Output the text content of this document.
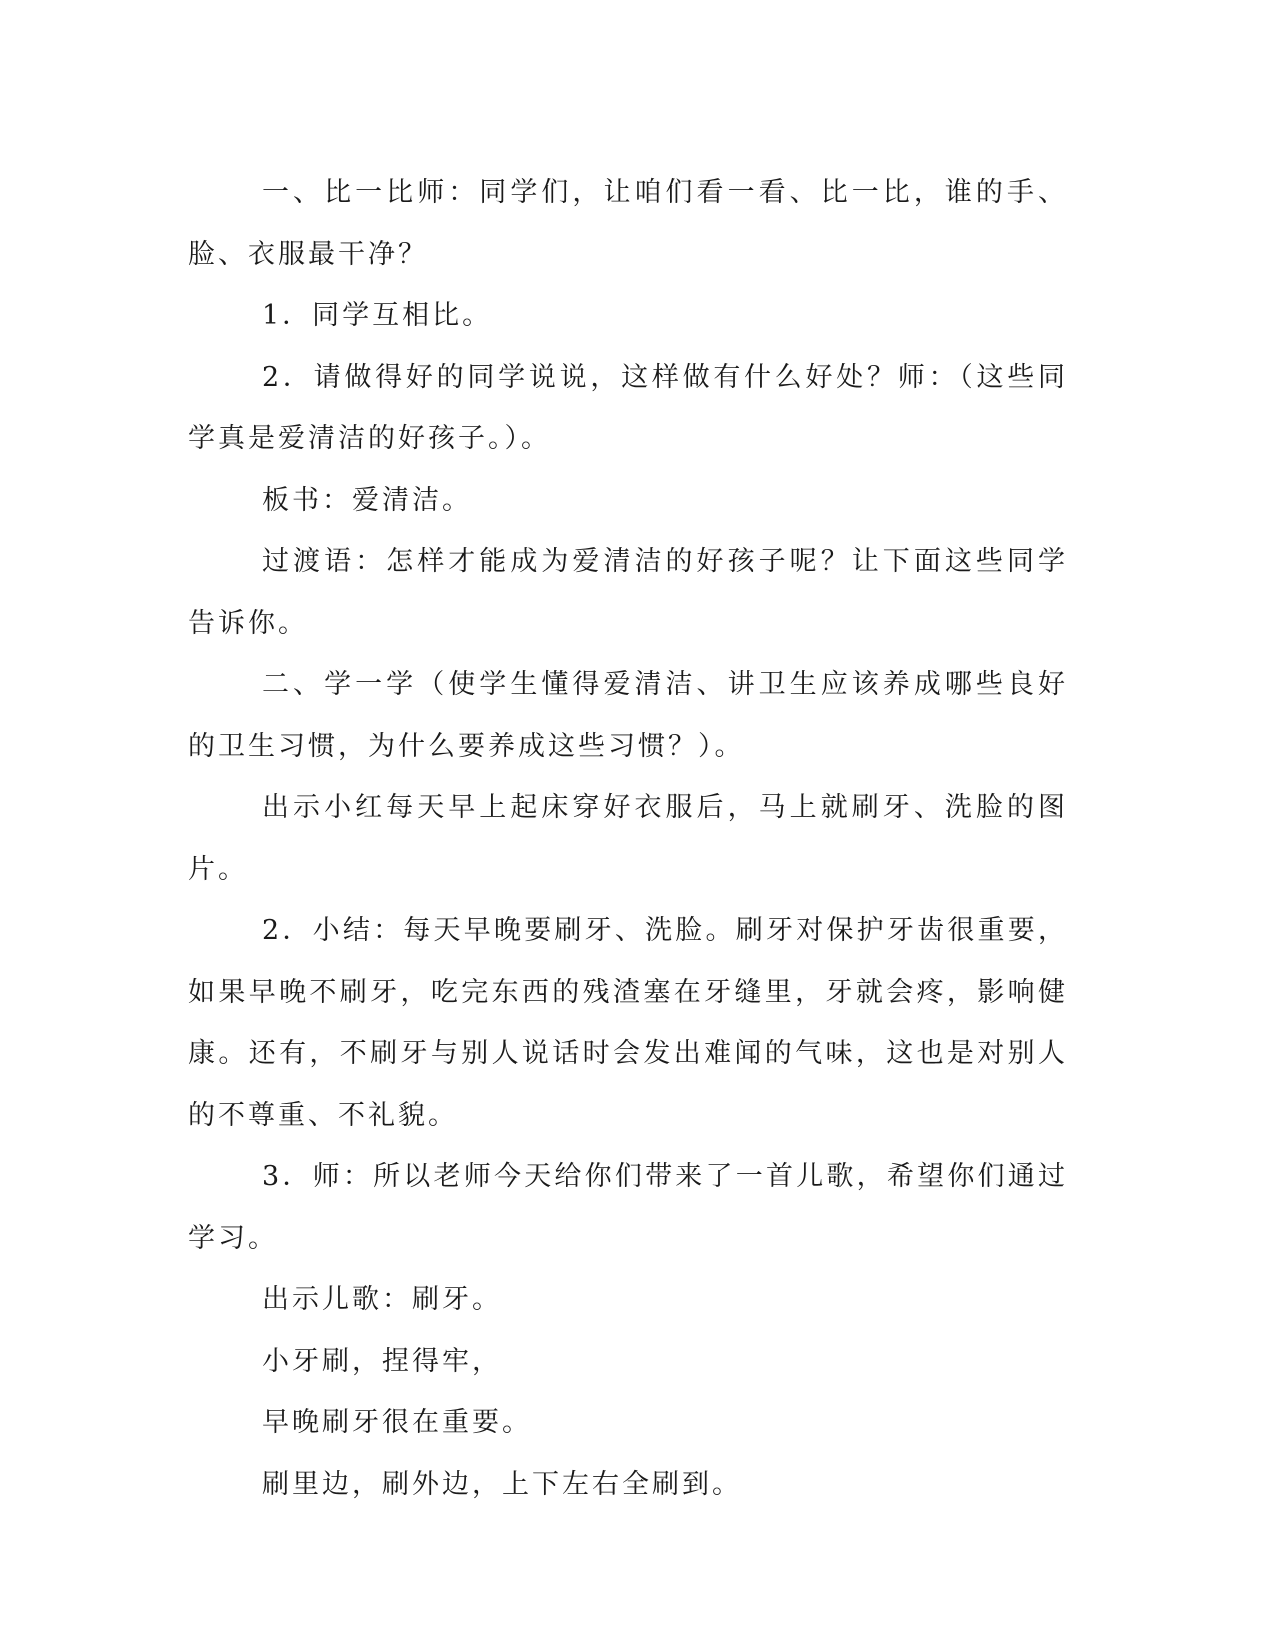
一、比一比师：同学们，让咱们看一看、比一比，谁的手、脸、衣服最干净？

1．同学互相比。

2．请做得好的同学说说，这样做有什么好处？师：（这些同学真是爱清洁的好孩子。）。

板书：爱清洁。

过渡语：怎样才能成为爱清洁的好孩子呢？让下面这些同学告诉你。

二、学一学（使学生懂得爱清洁、讲卫生应该养成哪些良好的卫生习惯，为什么要养成这些习惯？）。

出示小红每天早上起床穿好衣服后，马上就刷牙、洗脸的图片。

2．小结：每天早晚要刷牙、洗脸。刷牙对保护牙齿很重要，如果早晚不刷牙，吃完东西的残渣塞在牙缝里，牙就会疼，影响健康。还有，不刷牙与别人说话时会发出难闻的气味，这也是对别人的不尊重、不礼貌。

3．师：所以老师今天给你们带来了一首儿歌，希望你们通过学习。

出示儿歌：刷牙。

小牙刷，捏得牢，

早晚刷牙很在重要。

刷里边，刷外边，上下左右全刷到。
